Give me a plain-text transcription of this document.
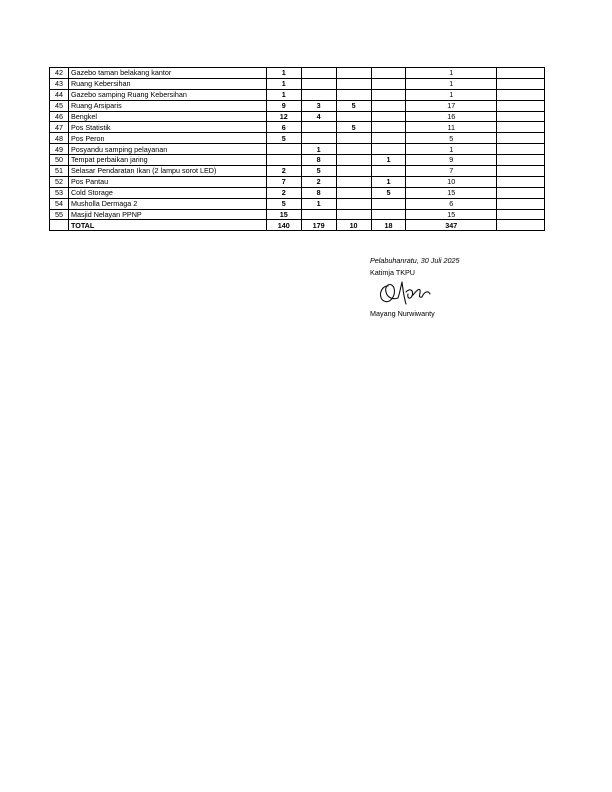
42	Gazebo taman belakang kantor	1				1	
43	Ruang Kebersihan	1				1	
44	Gazebo samping Ruang Kebersihan	1				1	
45	Ruang Arsiparis	9	3	5		17	
46	Bengkel	12	4			16	
47	Pos Statistik	6		5		11	
48	Pos Peron	5				5	
49	Posyandu samping pelayanan		1			1	
50	Tempat perbaikan jaring		8		1	9	
51	Selasar Pendaratan Ikan (2 lampu sorot LED)	2	5			7	
52	Pos Pantau	7	2		1	10	
53	Cold Storage	2	8		5	15	
54	Musholla Dermaga 2	5	1			6	
55	Masjid Nelayan PPNP	15				15	
	TOTAL	140	179	10	18	347	
Pelabuhanratu, 30 Juli 2025
Katimja TKPU
Mayang Nurwiwanty
